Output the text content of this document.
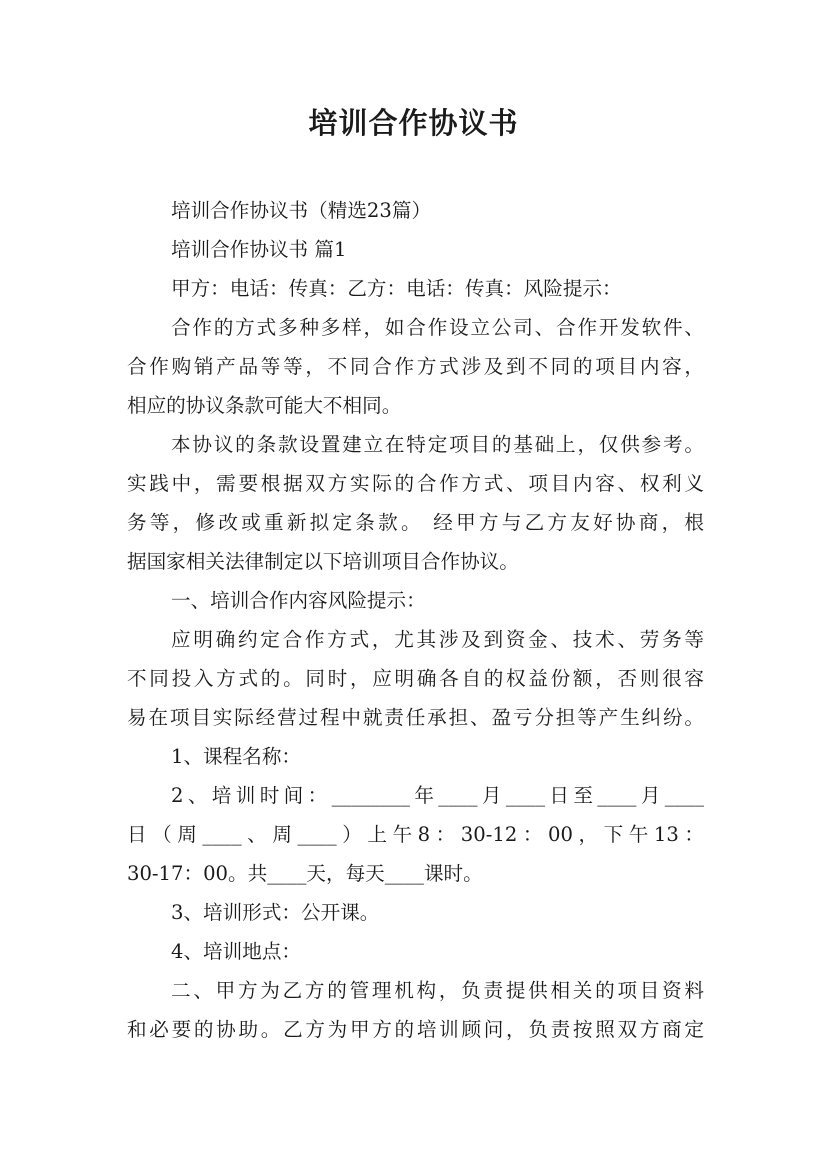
培训合作协议书
培训合作协议书（精选23篇）
培训合作协议书 篇1
甲方：电话：传真：乙方：电话：传真：风险提示：
合作的方式多种多样，如合作设立公司、合作开发软件、
合作购销产品等等，不同合作方式涉及到不同的项目内容，
相应的协议条款可能大不相同。
本协议的条款设置建立在特定项目的基础上，仅供参考。
实践中，需要根据双方实际的合作方式、项目内容、权利义
务等，修改或重新拟定条款。 经甲方与乙方友好协商，根
据国家相关法律制定以下培训项目合作协议。
一、培训合作内容风险提示：
应明确约定合作方式，尤其涉及到资金、技术、劳务等
不同投入方式的。同时，应明确各自的权益份额，否则很容
易在项目实际经营过程中就责任承担、盈亏分担等产生纠纷。
1、课程名称：
2、培训时间：________年____月____日至____月____
日（周____、周____）上午8：30-12：00，下午13：
30-17：00。共____天，每天____课时。
3、培训形式：公开课。
4、培训地点：
二、甲方为乙方的管理机构，负责提供相关的项目资料
和必要的协助。乙方为甲方的培训顾问，负责按照双方商定
